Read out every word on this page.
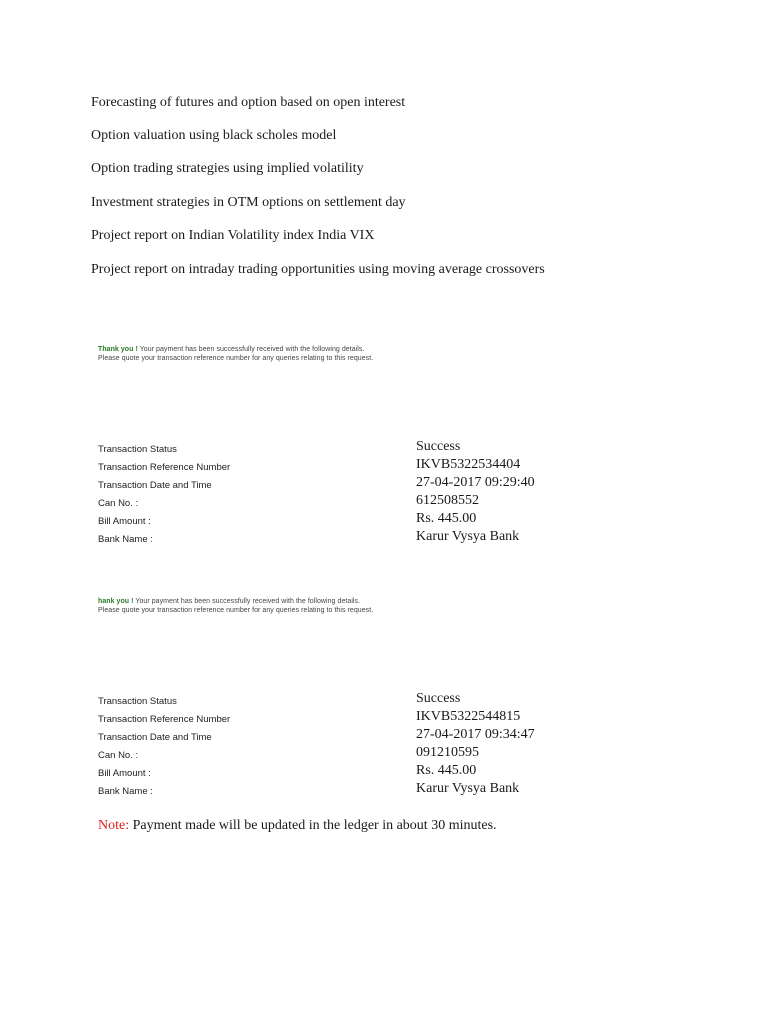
Forecasting of futures and option based on open interest
Option valuation using black scholes model
Option trading strategies using implied volatility
Investment strategies in OTM options on settlement day
Project report on Indian Volatility index India VIX
Project report on intraday trading opportunities using moving average crossovers
Thank you ! Your payment has been successfully received with the following details.
Please quote your transaction reference number for any queries relating to this request.
Transaction Status	Success
Transaction Reference Number	IKVB5322534404
Transaction Date and Time	27-04-2017 09:29:40
Can No. :	612508552
Bill Amount :	Rs. 445.00
Bank Name :	Karur Vysya Bank
hank you ! Your payment has been successfully received with the following details.
Please quote your transaction reference number for any queries relating to this request.
Transaction Status	Success
Transaction Reference Number	IKVB5322544815
Transaction Date and Time	27-04-2017 09:34:47
Can No. :	091210595
Bill Amount :	Rs. 445.00
Bank Name :	Karur Vysya Bank
Note: Payment made will be updated in the ledger in about 30 minutes.
